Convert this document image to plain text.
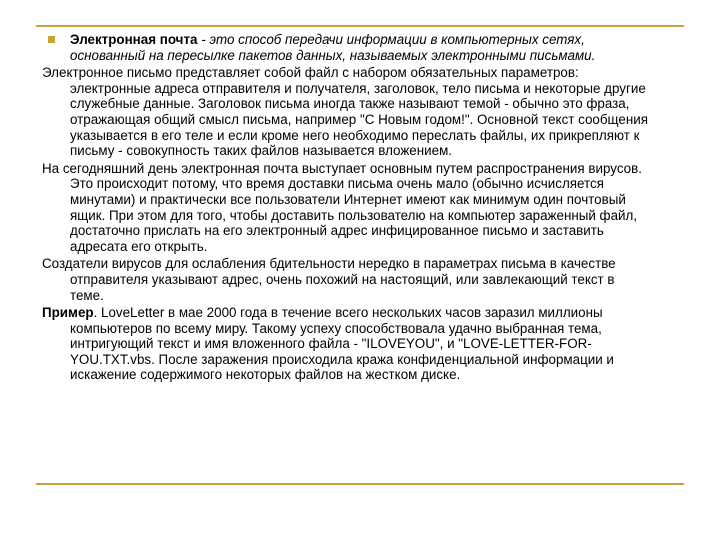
Электронная почта - это способ передачи информации в компьютерных сетях, основанный на пересылке пакетов данных, называемых электронными письмами.

Электронное письмо представляет собой файл с набором обязательных параметров: электронные адреса отправителя и получателя, заголовок, тело письма и некоторые другие служебные данные. Заголовок письма иногда также называют темой - обычно это фраза, отражающая общий смысл письма, например "С Новым годом!". Основной текст сообщения указывается в его теле и если кроме него необходимо переслать файлы, их прикрепляют к письму - совокупность таких файлов называется вложением.

На сегодняшний день электронная почта выступает основным путем распространения вирусов. Это происходит потому, что время доставки письма очень мало (обычно исчисляется минутами) и практически все пользователи Интернет имеют как минимум один почтовый ящик. При этом для того, чтобы доставить пользователю на компьютер зараженный файл, достаточно прислать на его электронный адрес инфицированное письмо и заставить адресата его открыть.

Создатели вирусов для ослабления бдительности нередко в параметрах письма в качестве отправителя указывают адрес, очень похожий на настоящий, или завлекающий текст в теме.

Пример. LoveLetter в мае 2000 года в течение всего нескольких часов заразил миллионы компьютеров по всему миру. Такому успеху способствовала удачно выбранная тема, интригующий текст и имя вложенного файла - "ILOVEYOU", и "LOVE-LETTER-FOR-YOU.TXT.vbs. После заражения происходила кража конфиденциальной информации и искажение содержимого некоторых файлов на жестком диске.
